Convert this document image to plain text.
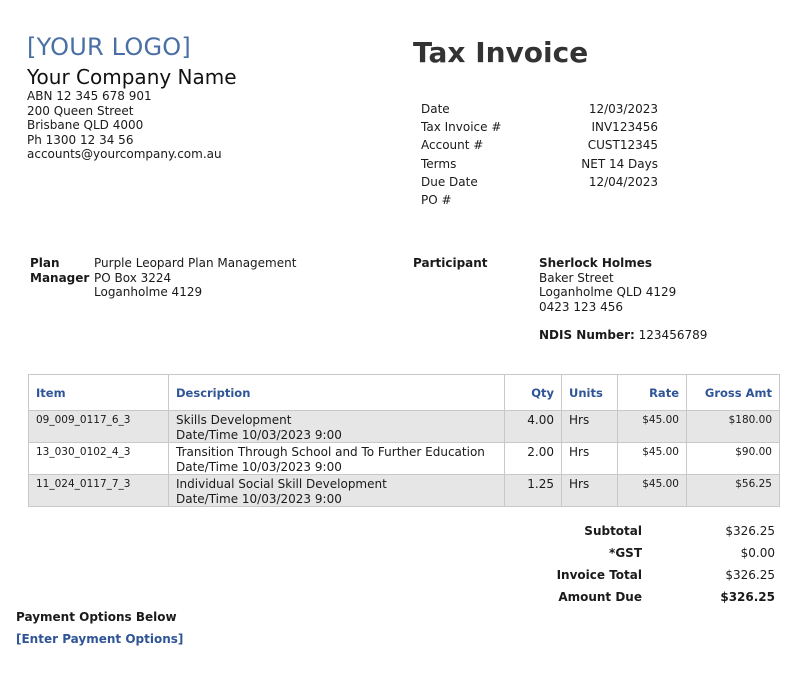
[YOUR LOGO]
Your Company Name
ABN 12 345 678 901
200 Queen Street
Brisbane QLD 4000
Ph 1300 12 34 56
accounts@yourcompany.com.au
Tax Invoice
Date	12/03/2023
Tax Invoice #	INV123456
Account #	CUST12345
Terms	NET 14 Days
Due Date	12/04/2023
PO #
Plan
Manager
Purple Leopard Plan Management
PO Box 3224
Loganholme 4129
Participant	Sherlock Holmes
Baker Street
Loganholme QLD 4129
0423 123 456
NDIS Number: 123456789
Item	Description	Qty	Units	Rate	Gross Amt
09_009_0117_6_3	Skills Development
Date/Time 10/03/2023 9:00	4.00	Hrs	$45.00	$180.00
13_030_0102_4_3	Transition Through School and To Further Education
Date/Time 10/03/2023 9:00	2.00	Hrs	$45.00	$90.00
11_024_0117_7_3	Individual Social Skill Development
Date/Time 10/03/2023 9:00	1.25	Hrs	$45.00	$56.25
Subtotal	$326.25
*GST	$0.00
Invoice Total	$326.25
Amount Due	$326.25
Payment Options Below
[Enter Payment Options]
